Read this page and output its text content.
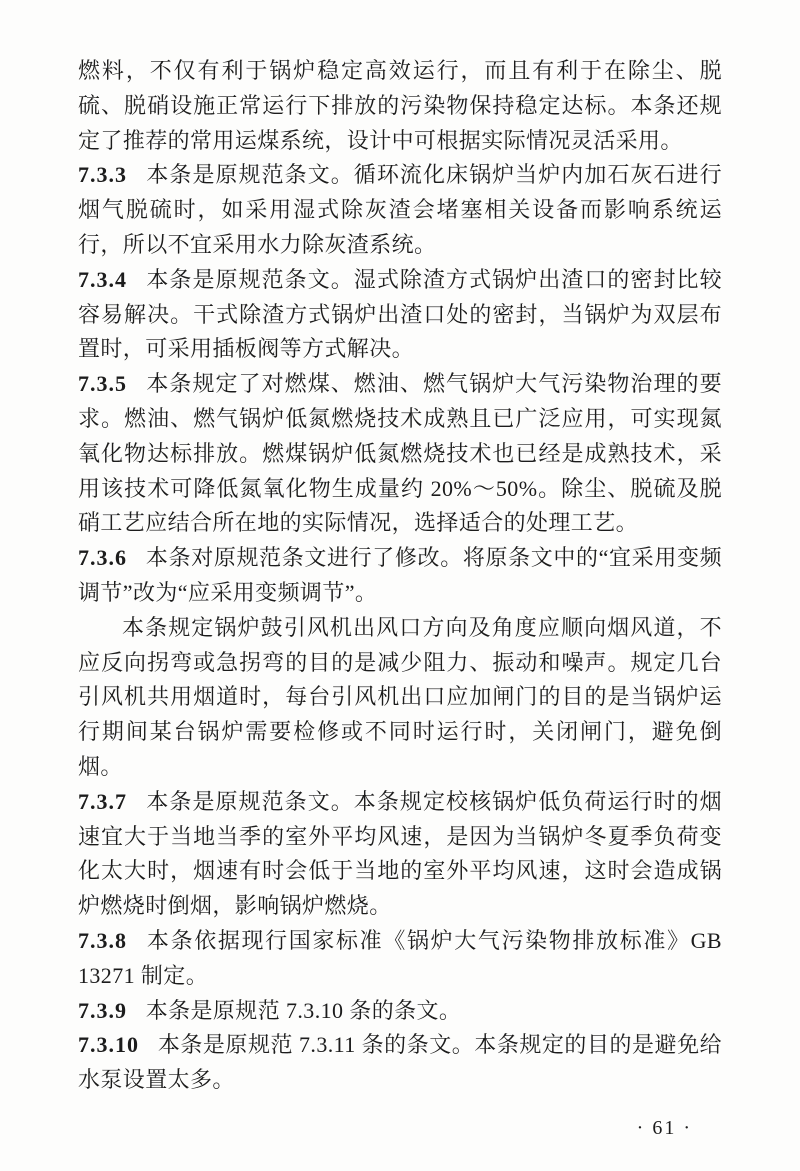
燃料，不仅有利于锅炉稳定高效运行，而且有利于在除尘、脱硫、脱硝设施正常运行下排放的污染物保持稳定达标。本条还规定了推荐的常用运煤系统，设计中可根据实际情况灵活采用。

7.3.3 本条是原规范条文。循环流化床锅炉当炉内加石灰石进行烟气脱硫时，如采用湿式除灰渣会堵塞相关设备而影响系统运行，所以不宜采用水力除灰渣系统。

7.3.4 本条是原规范条文。湿式除渣方式锅炉出渣口的密封比较容易解决。干式除渣方式锅炉出渣口处的密封，当锅炉为双层布置时，可采用插板阀等方式解决。

7.3.5 本条规定了对燃煤、燃油、燃气锅炉大气污染物治理的要求。燃油、燃气锅炉低氮燃烧技术成熟且已广泛应用，可实现氮氧化物达标排放。燃煤锅炉低氮燃烧技术也已经是成熟技术，采用该技术可降低氮氧化物生成量约 20%～50%。除尘、脱硫及脱硝工艺应结合所在地的实际情况，选择适合的处理工艺。

7.3.6 本条对原规范条文进行了修改。将原条文中的“宜采用变频调节”改为“应采用变频调节”。

本条规定锅炉鼓引风机出风口方向及角度应顺向烟风道，不应反向拐弯或急拐弯的目的是减少阻力、振动和噪声。规定几台引风机共用烟道时，每台引风机出口应加闸门的目的是当锅炉运行期间某台锅炉需要检修或不同时运行时，关闭闸门，避免倒烟。

7.3.7 本条是原规范条文。本条规定校核锅炉低负荷运行时的烟速宜大于当地当季的室外平均风速，是因为当锅炉冬夏季负荷变化太大时，烟速有时会低于当地的室外平均风速，这时会造成锅炉燃烧时倒烟，影响锅炉燃烧。

7.3.8 本条依据现行国家标准《锅炉大气污染物排放标准》GB 13271 制定。

7.3.9 本条是原规范 7.3.10 条的条文。

7.3.10 本条是原规范 7.3.11 条的条文。本条规定的目的是避免给水泵设置太多。

· 61 ·
